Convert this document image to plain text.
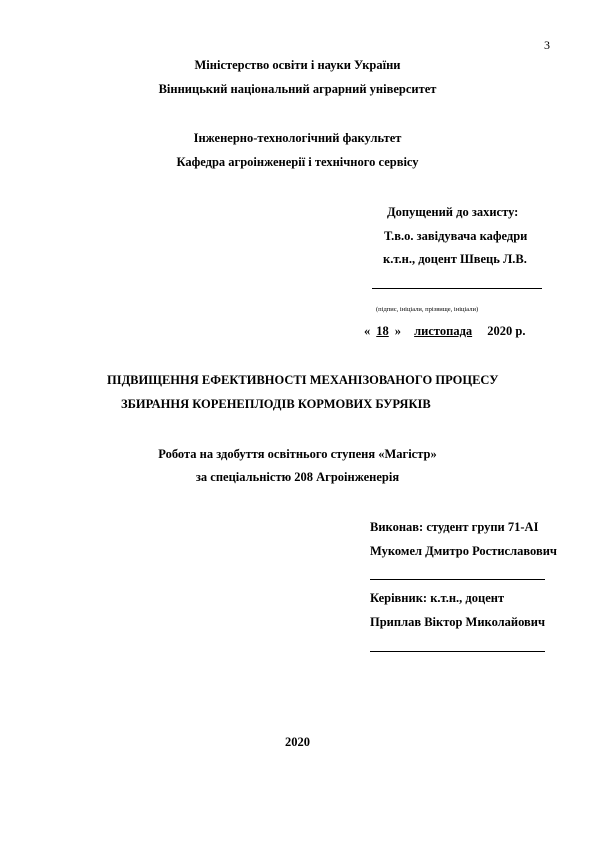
3
Міністерство освіти і науки України
Вінницький національний аграрний університет
Інженерно-технологічний факультет
Кафедра агроінженерії і технічного сервісу
Допущений до захисту:
Т.в.о. завідувача кафедри
к.т.н., доцент Швець Л.В.
(підпис, ініціали, прізвище, ініціали)
« 18 » листопада 2020 р.
ПІДВИЩЕННЯ ЕФЕКТИВНОСТІ МЕХАНІЗОВАНОГО ПРОЦЕСУ
ЗБИРАННЯ КОРЕНЕПЛОДІВ КОРМОВИХ БУРЯКІВ
Робота на здобуття освітнього ступеня «Магістр»
за спеціальністю 208 Агроінженерія
Виконав: студент групи 71-АІ
Мукомел Дмитро Ростиславович
Керівник: к.т.н., доцент
Приплав Віктор Миколайович
2020
